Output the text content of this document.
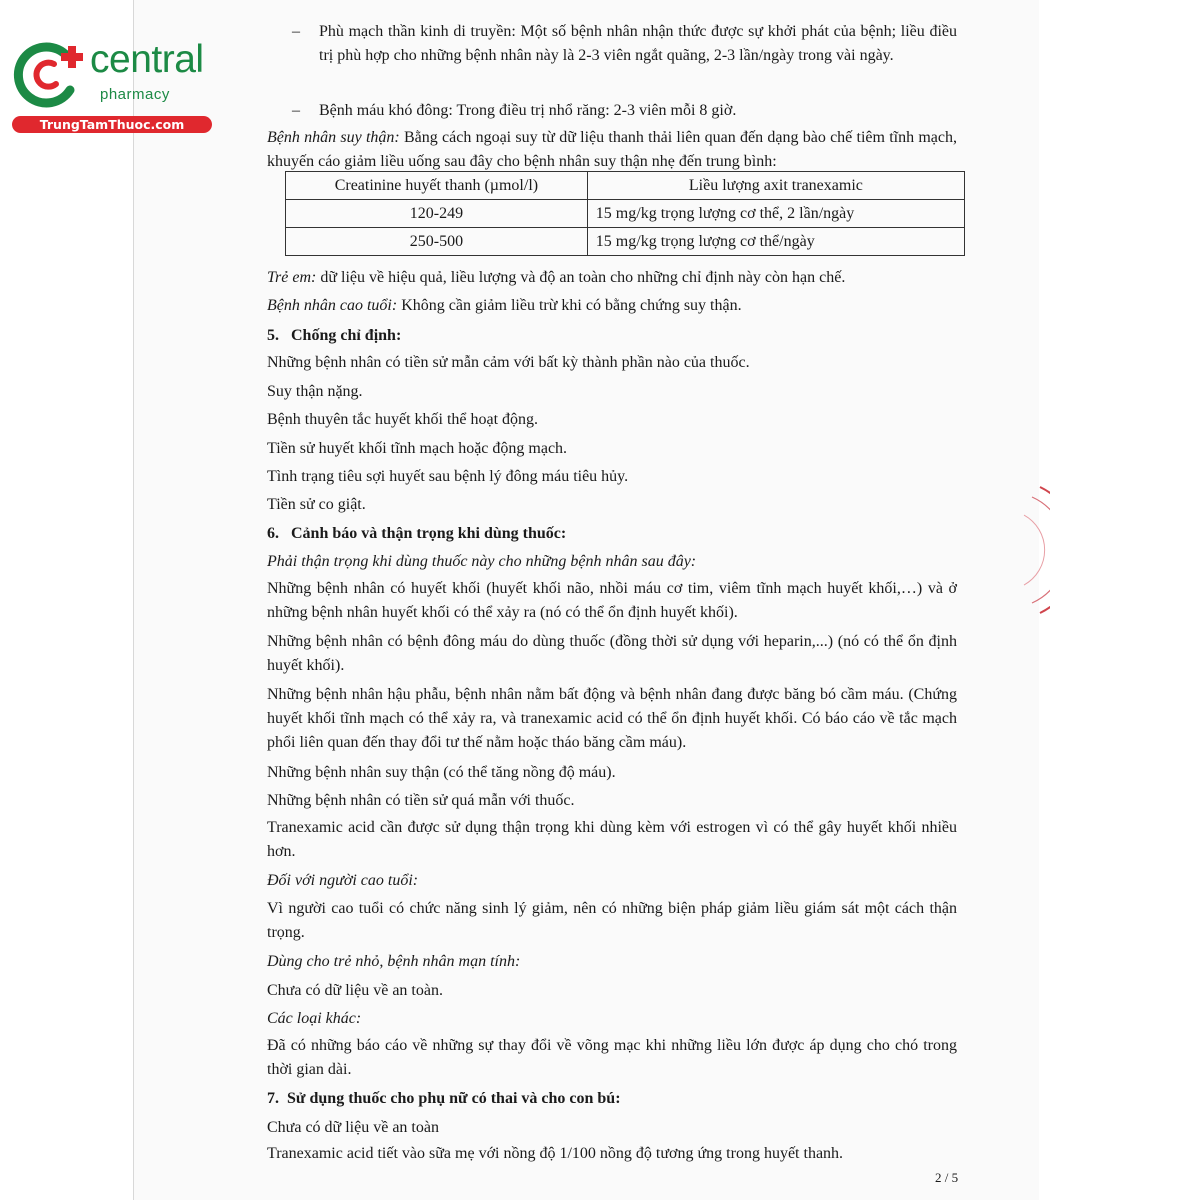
central
pharmacy
TrungTamThuoc.com
– Phù mạch thần kinh di truyền: Một số bệnh nhân nhận thức được sự khởi phát của bệnh; liều điều trị phù hợp cho những bệnh nhân này là 2-3 viên ngắt quãng, 2-3 lần/ngày trong vài ngày.
– Bệnh máu khó đông: Trong điều trị nhổ răng: 2-3 viên mỗi 8 giờ.

Bệnh nhân suy thận: Bằng cách ngoại suy từ dữ liệu thanh thải liên quan đến dạng bào chế tiêm tĩnh mạch, khuyến cáo giảm liều uống sau đây cho bệnh nhân suy thận nhẹ đến trung bình:

Creatinine huyết thanh (µmol/l)	Liều lượng axit tranexamic
120-249	15 mg/kg trọng lượng cơ thể, 2 lần/ngày
250-500	15 mg/kg trọng lượng cơ thể/ngày

Trẻ em: dữ liệu về hiệu quả, liều lượng và độ an toàn cho những chỉ định này còn hạn chế.

Bệnh nhân cao tuổi: Không cần giảm liều trừ khi có bằng chứng suy thận.

5. Chống chỉ định:

Những bệnh nhân có tiền sử mẫn cảm với bất kỳ thành phần nào của thuốc.

Suy thận nặng.

Bệnh thuyên tắc huyết khối thể hoạt động.

Tiền sử huyết khối tĩnh mạch hoặc động mạch.

Tình trạng tiêu sợi huyết sau bệnh lý đông máu tiêu hủy.

Tiền sử co giật.

6. Cảnh báo và thận trọng khi dùng thuốc:

Phải thận trọng khi dùng thuốc này cho những bệnh nhân sau đây:

Những bệnh nhân có huyết khối (huyết khối não, nhồi máu cơ tim, viêm tĩnh mạch huyết khối,…) và ở những bệnh nhân huyết khối có thể xảy ra (nó có thể ổn định huyết khối).

Những bệnh nhân có bệnh đông máu do dùng thuốc (đồng thời sử dụng với heparin,...) (nó có thể ổn định huyết khối).

Những bệnh nhân hậu phẫu, bệnh nhân nằm bất động và bệnh nhân đang được băng bó cầm máu. (Chứng huyết khối tĩnh mạch có thể xảy ra, và tranexamic acid có thể ổn định huyết khối. Có báo cáo về tắc mạch phổi liên quan đến thay đổi tư thế nằm hoặc tháo băng cầm máu).

Những bệnh nhân suy thận (có thể tăng nồng độ máu).

Những bệnh nhân có tiền sử quá mẫn với thuốc.

Tranexamic acid cần được sử dụng thận trọng khi dùng kèm với estrogen vì có thể gây huyết khối nhiều hơn.

Đối với người cao tuổi:

Vì người cao tuổi có chức năng sinh lý giảm, nên có những biện pháp giảm liều giám sát một cách thận trọng.

Dùng cho trẻ nhỏ, bệnh nhân mạn tính:

Chưa có dữ liệu về an toàn.

Các loại khác:

Đã có những báo cáo về những sự thay đổi về võng mạc khi những liều lớn được áp dụng cho chó trong thời gian dài.

7. Sử dụng thuốc cho phụ nữ có thai và cho con bú:

Chưa có dữ liệu về an toàn

Tranexamic acid tiết vào sữa mẹ với nồng độ 1/100 nồng độ tương ứng trong huyết thanh.

2 / 5
